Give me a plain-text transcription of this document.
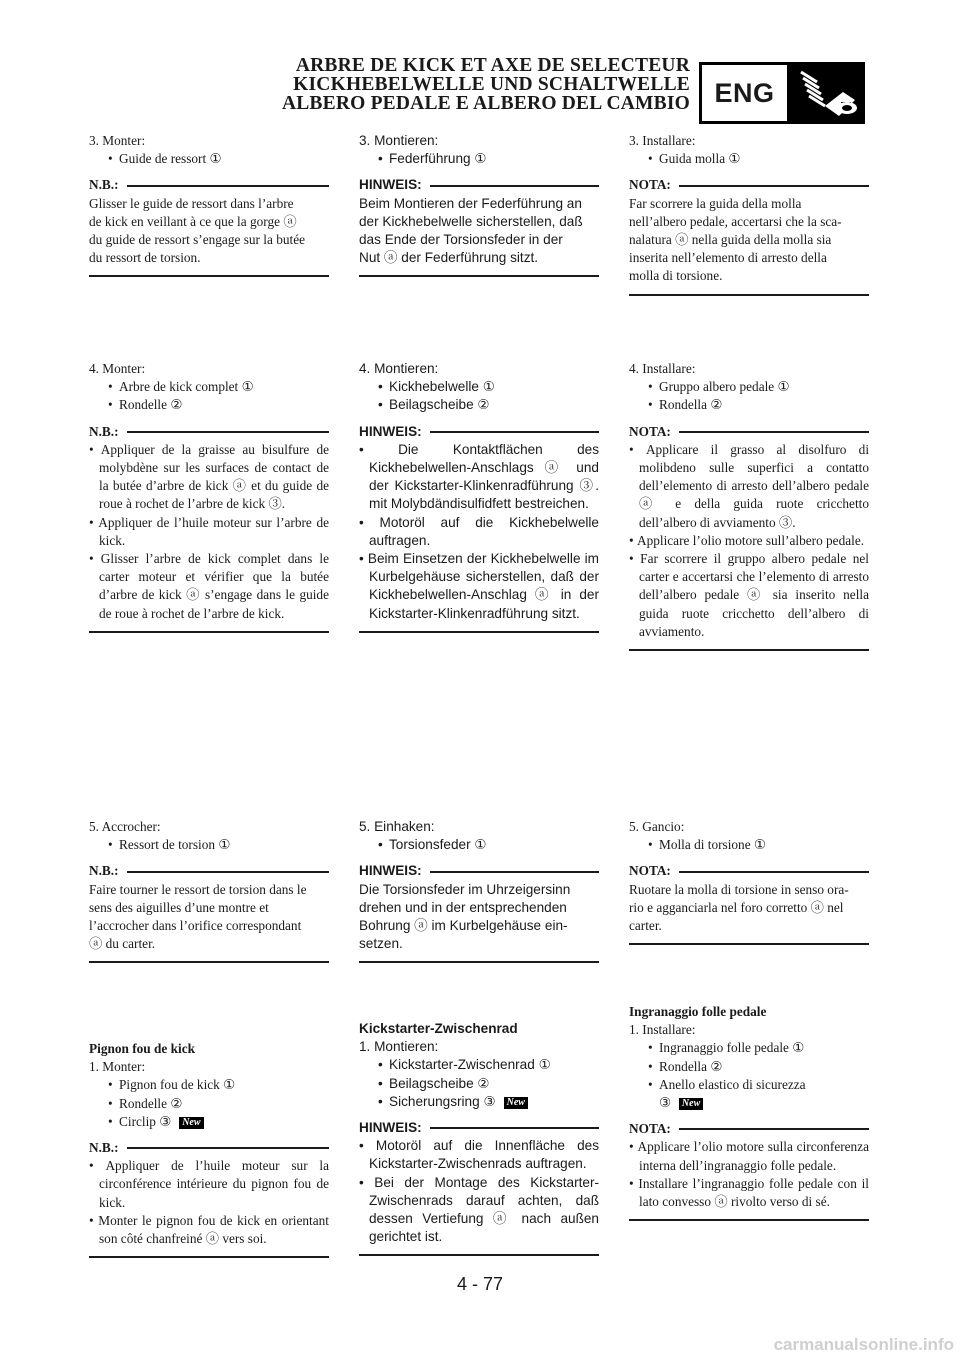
ARBRE DE KICK ET AXE DE SELECTEUR
KICKHEBELWELLE UND SCHALTWELLE
ALBERO PEDALE E ALBERO DEL CAMBIO ENG
3. Monter:
• Guide de ressort ①
N.B.:
Glisser le guide de ressort dans l’arbre
de kick en veillant à ce que la gorge ⓐ
du guide de ressort s’engage sur la butée
du ressort de torsion.
4. Monter:
• Arbre de kick complet ①
• Rondelle ②
N.B.:

• Appliquer de la graisse au bisulfure de molybdène sur les surfaces de contact de la butée d’arbre de kick ⓐ et du guide de roue à rochet de l’arbre de kick ③.

• Appliquer de l’huile moteur sur l’arbre de kick.

• Glisser l’arbre de kick complet dans le carter moteur et vérifier que la butée d’arbre de kick ⓐ s’engage dans le guide de roue à rochet de l’arbre de kick.

5. Accrocher:
• Ressort de torsion ①
N.B.:
Faire tourner le ressort de torsion dans le
sens des aiguilles d’une montre et
l’accrocher dans l’orifice correspondant
ⓐ du carter.
Pignon fou de kick
1. Monter:
• Pignon fou de kick ①
• Rondelle ②
• Circlip ③ New
N.B.:

• Appliquer de l’huile moteur sur la circonférence intérieure du pignon fou de kick.

• Monter le pignon fou de kick en orientant son côté chanfreiné ⓐ vers soi.

3. Montieren:
• Federführung ①
HINWEIS:
Beim Montieren der Federführung an
der Kickhebelwelle sicherstellen, daß
das Ende der Torsionsfeder in der
Nut ⓐ der Federführung sitzt.
4. Montieren:
• Kickhebelwelle ①
• Beilagscheibe ②
HINWEIS:

• Die Kontaktflächen des Kickhebelwellen-Anschlags ⓐ und der Kickstarter-Klinkenradführung ③. mit Molybdändisulfidfett bestreichen.

• Motoröl auf die Kickhebelwelle auftragen.

• Beim Einsetzen der Kickhebelwelle im Kurbelgehäuse sicherstellen, daß der Kickhebelwellen-Anschlag ⓐ in der Kickstarter-Klinkenradführung sitzt.

5. Einhaken:
• Torsionsfeder ①
HINWEIS:
Die Torsionsfeder im Uhrzeigersinn
drehen und in der entsprechenden
Bohrung ⓐ im Kurbelgehäuse ein-
setzen.
Kickstarter-Zwischenrad
1. Montieren:
• Kickstarter-Zwischenrad ①
• Beilagscheibe ②
• Sicherungsring ③ New
HINWEIS:

• Motoröl auf die Innenfläche des Kickstarter-Zwischenrads auftragen.

• Bei der Montage des Kickstarter-Zwischenrads darauf achten, daß dessen Vertiefung ⓐ nach außen gerichtet ist.

3. Installare:
• Guida molla ①
NOTA:
Far scorrere la guida della molla
nell’albero pedale, accertarsi che la sca-
nalatura ⓐ nella guida della molla sia
inserita nell’elemento di arresto della
molla di torsione.
4. Installare:
• Gruppo albero pedale ①
• Rondella ②
NOTA:

• Applicare il grasso al disolfuro di molibdeno sulle superfici a contatto dell’elemento di arresto dell’albero pedale ⓐ e della guida ruote cricchetto dell’albero di avviamento ③.

• Applicare l’olio motore sull’albero pedale.

• Far scorrere il gruppo albero pedale nel carter e accertarsi che l’elemento di arresto dell’albero pedale ⓐ sia inserito nella guida ruote cricchetto dell’albero di avviamento.

5. Gancio:
• Molla di torsione ①
NOTA:
Ruotare la molla di torsione in senso ora-
rio e agganciarla nel foro corretto ⓐ nel
carter.
Ingranaggio folle pedale
1. Installare:
• Ingranaggio folle pedale ①
• Rondella ②
• Anello elastico di sicurezza
③ New
NOTA:

• Applicare l’olio motore sulla circonferenza interna dell’ingranaggio folle pedale.

• Installare l’ingranaggio folle pedale con il lato convesso ⓐ rivolto verso di sé.

4 - 77
carmanualsonline.info
